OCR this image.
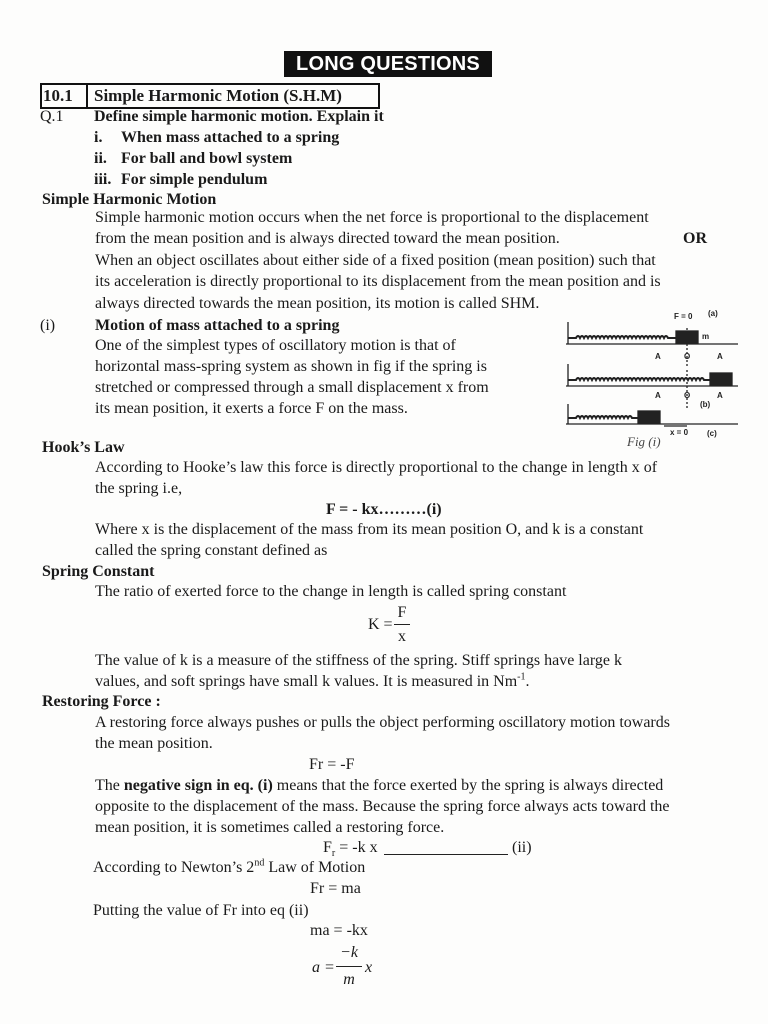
LONG QUESTIONS
10.1	Simple Harmonic Motion (S.H.M)
Q.1 Define simple harmonic motion. Explain it
i. When mass attached to a spring
ii. For ball and bowl system
iii. For simple pendulum
Simple Harmonic Motion
Simple harmonic motion occurs when the net force is proportional to the displacement
from the mean position and is always directed toward the mean position.	OR
When an object oscillates about either side of a fixed position (mean position) such that
its acceleration is directly proportional to its displacement from the mean position and is
always directed towards the mean position, its motion is called SHM.
(i) Motion of mass attached to a spring
One of the simplest types of oscillatory motion is that of
horizontal mass-spring system as shown in fig if the spring is
stretched or compressed through a small displacement x from
its mean position, it exerts a force F on the mass.
F = 0 (a)
m
A	O	A
A	O	A
(b)
x = 0 (c)
Fig (i)
Hook’s Law
According to Hooke’s law this force is directly proportional to the change in length x of
the spring i.e,
F = - kx………(i)
Where x is the displacement of the mass from its mean position O, and k is a constant
called the spring constant defined as
Spring Constant
The ratio of exerted force to the change in length is called spring constant
K =
F
x
The value of k is a measure of the stiffness of the spring. Stiff springs have large k
values, and soft springs have small k values. It is measured in $Nm^{-1}$.
Restoring Force :
A restoring force always pushes or pulls the object performing oscillatory motion towards
the mean position.
Fr = -F
The negative sign in eq. (i) means that the force exerted by the spring is always directed
opposite to the displacement of the mass. Because the spring force always acts toward the
mean position, it is sometimes called a restoring force.
$F_r = -k$ x	(ii)
According to Newton’s 2nd Law of Motion
Fr = ma
Putting the value of Fr into eq (ii)
ma = -kx
a =
−k
m
x
